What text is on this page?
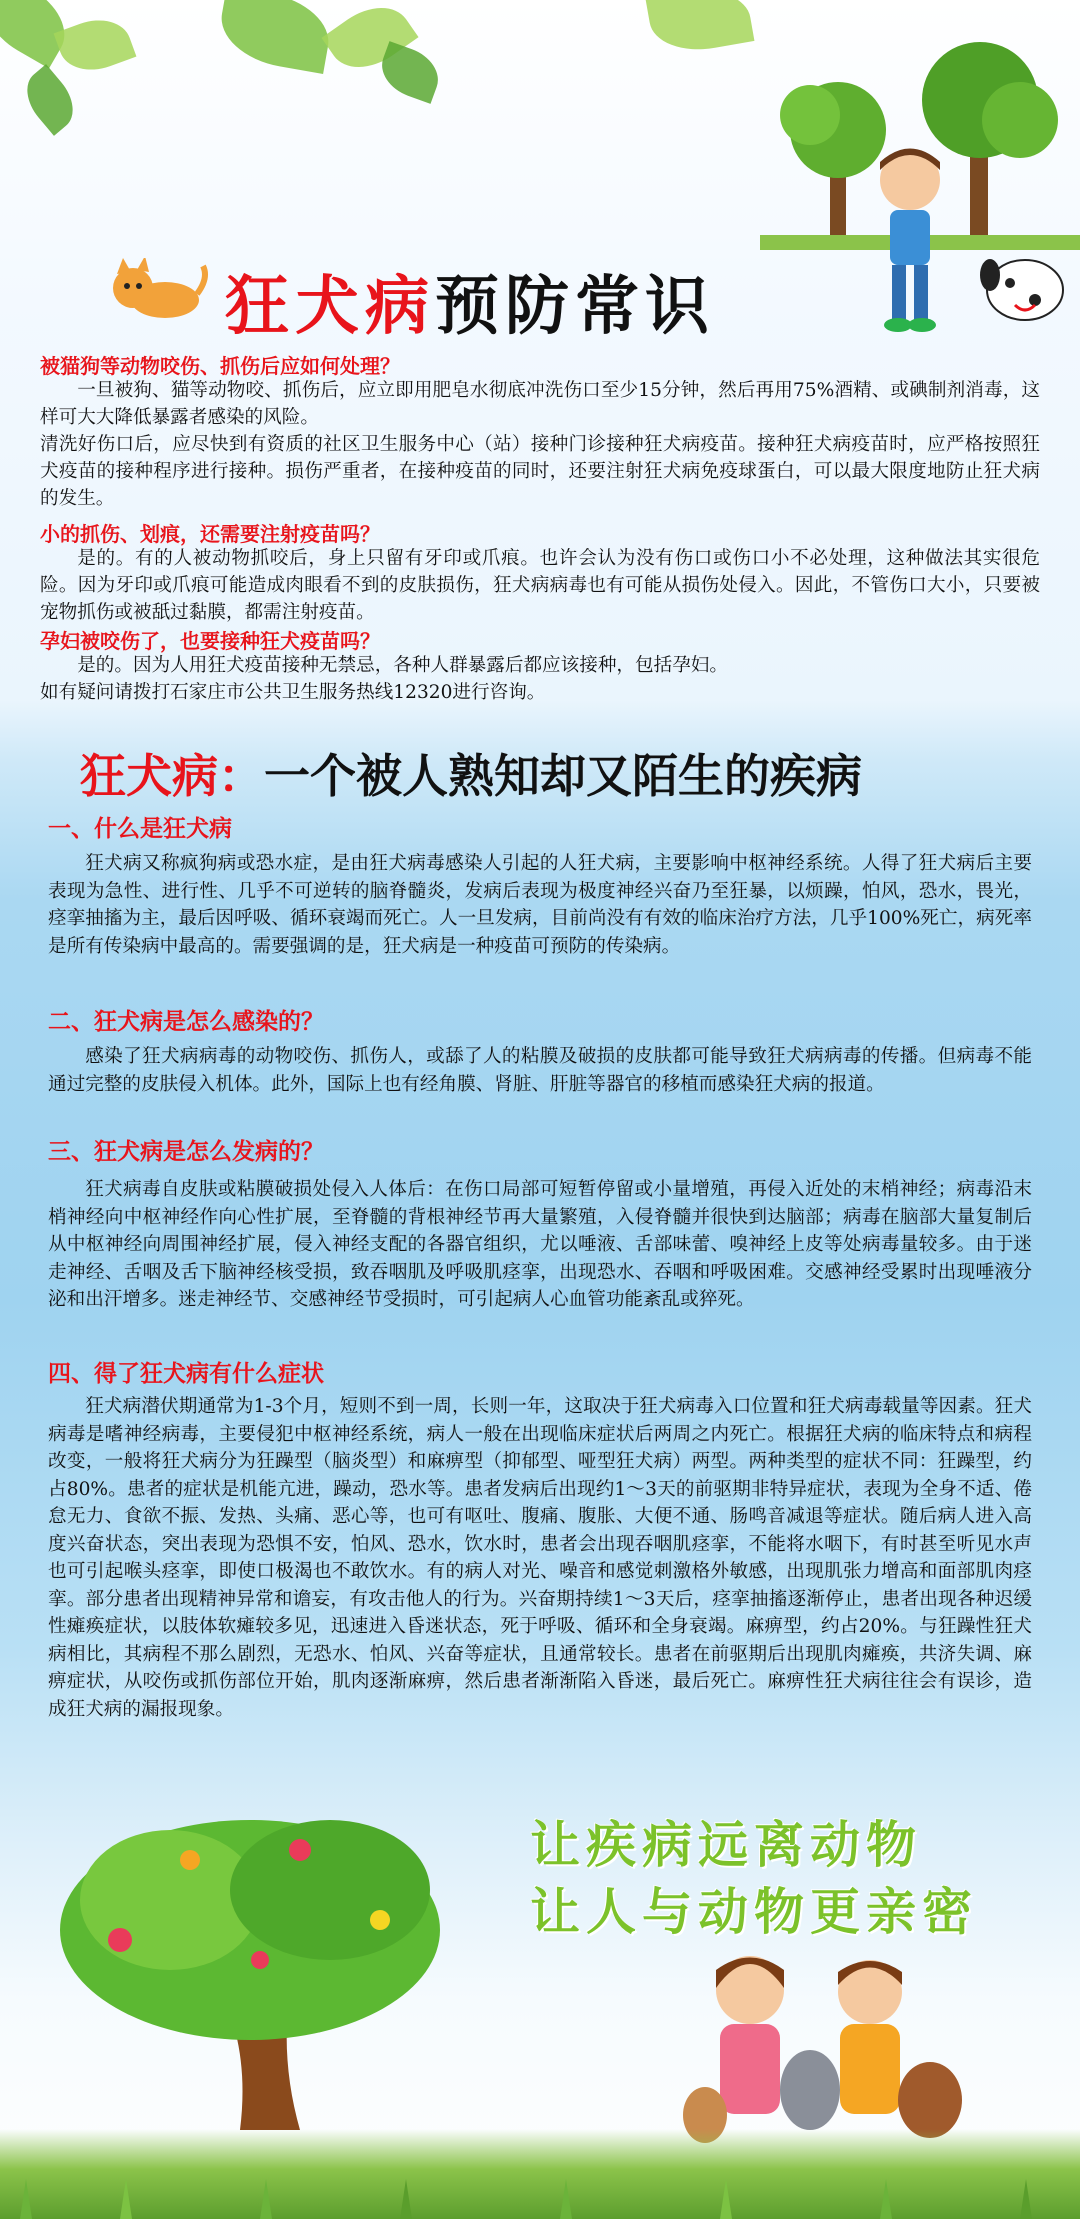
狂犬病预防常识
被猫狗等动物咬伤、抓伤后应如何处理？

一旦被狗、猫等动物咬、抓伤后，应立即用肥皂水彻底冲洗伤口至少15分钟，然后再用75%酒精、或碘制剂消毒，这样可大大降低暴露者感染的风险。

清洗好伤口后，应尽快到有资质的社区卫生服务中心（站）接种门诊接种狂犬病疫苗。接种狂犬病疫苗时，应严格按照狂犬疫苗的接种程序进行接种。损伤严重者，在接种疫苗的同时，还要注射狂犬病免疫球蛋白，可以最大限度地防止狂犬病的发生。

小的抓伤、划痕，还需要注射疫苗吗？

是的。有的人被动物抓咬后，身上只留有牙印或爪痕。也许会认为没有伤口或伤口小不必处理，这种做法其实很危险。因为牙印或爪痕可能造成肉眼看不到的皮肤损伤，狂犬病病毒也有可能从损伤处侵入。因此，不管伤口大小，只要被宠物抓伤或被舐过黏膜，都需注射疫苗。

孕妇被咬伤了，也要接种狂犬疫苗吗？

是的。因为人用狂犬疫苗接种无禁忌，各种人群暴露后都应该接种，包括孕妇。

如有疑问请拨打石家庄市公共卫生服务热线12320进行咨询。

狂犬病：一个被人熟知却又陌生的疾病
一、什么是狂犬病

狂犬病又称疯狗病或恐水症，是由狂犬病毒感染人引起的人狂犬病，主要影响中枢神经系统。人得了狂犬病后主要表现为急性、进行性、几乎不可逆转的脑脊髓炎，发病后表现为极度神经兴奋乃至狂暴，以烦躁，怕风，恐水，畏光，痉挛抽搐为主，最后因呼吸、循环衰竭而死亡。人一旦发病，目前尚没有有效的临床治疗方法，几乎100%死亡，病死率是所有传染病中最高的。需要强调的是，狂犬病是一种疫苗可预防的传染病。

二、狂犬病是怎么感染的？

感染了狂犬病病毒的动物咬伤、抓伤人，或舔了人的粘膜及破损的皮肤都可能导致狂犬病病毒的传播。但病毒不能通过完整的皮肤侵入机体。此外，国际上也有经角膜、肾脏、肝脏等器官的移植而感染狂犬病的报道。

三、狂犬病是怎么发病的？

狂犬病毒自皮肤或粘膜破损处侵入人体后：在伤口局部可短暂停留或小量增殖，再侵入近处的末梢神经；病毒沿末梢神经向中枢神经作向心性扩展，至脊髓的背根神经节再大量繁殖，入侵脊髓并很快到达脑部；病毒在脑部大量复制后从中枢神经向周围神经扩展，侵入神经支配的各器官组织，尤以唾液、舌部味蕾、嗅神经上皮等处病毒量较多。由于迷走神经、舌咽及舌下脑神经核受损，致吞咽肌及呼吸肌痉挛，出现恐水、吞咽和呼吸困难。交感神经受累时出现唾液分泌和出汗增多。迷走神经节、交感神经节受损时，可引起病人心血管功能紊乱或猝死。

四、得了狂犬病有什么症状

狂犬病潜伏期通常为1-3个月，短则不到一周，长则一年，这取决于狂犬病毒入口位置和狂犬病毒载量等因素。狂犬病毒是嗜神经病毒，主要侵犯中枢神经系统，病人一般在出现临床症状后两周之内死亡。根据狂犬病的临床特点和病程改变，一般将狂犬病分为狂躁型（脑炎型）和麻痹型（抑郁型、哑型狂犬病）两型。两种类型的症状不同：狂躁型，约占80%。患者的症状是机能亢进，躁动，恐水等。患者发病后出现约1～3天的前驱期非特异症状，表现为全身不适、倦怠无力、食欲不振、发热、头痛、恶心等，也可有呕吐、腹痛、腹胀、大便不通、肠鸣音减退等症状。随后病人进入高度兴奋状态，突出表现为恐惧不安，怕风、恐水，饮水时，患者会出现吞咽肌痉挛，不能将水咽下，有时甚至听见水声也可引起喉头痉挛，即使口极渴也不敢饮水。有的病人对光、噪音和感觉刺激格外敏感，出现肌张力增高和面部肌肉痉挛。部分患者出现精神异常和谵妄，有攻击他人的行为。兴奋期持续1～3天后，痉挛抽搐逐渐停止，患者出现各种迟缓性瘫痪症状，以肢体软瘫较多见，迅速进入昏迷状态，死于呼吸、循环和全身衰竭。麻痹型，约占20%。与狂躁性狂犬病相比，其病程不那么剧烈，无恐水、怕风、兴奋等症状，且通常较长。患者在前驱期后出现肌肉瘫痪，共济失调、麻痹症状，从咬伤或抓伤部位开始，肌肉逐渐麻痹，然后患者渐渐陷入昏迷，最后死亡。麻痹性狂犬病往往会有误诊，造成狂犬病的漏报现象。

让疾病远离动物
让人与动物更亲密
